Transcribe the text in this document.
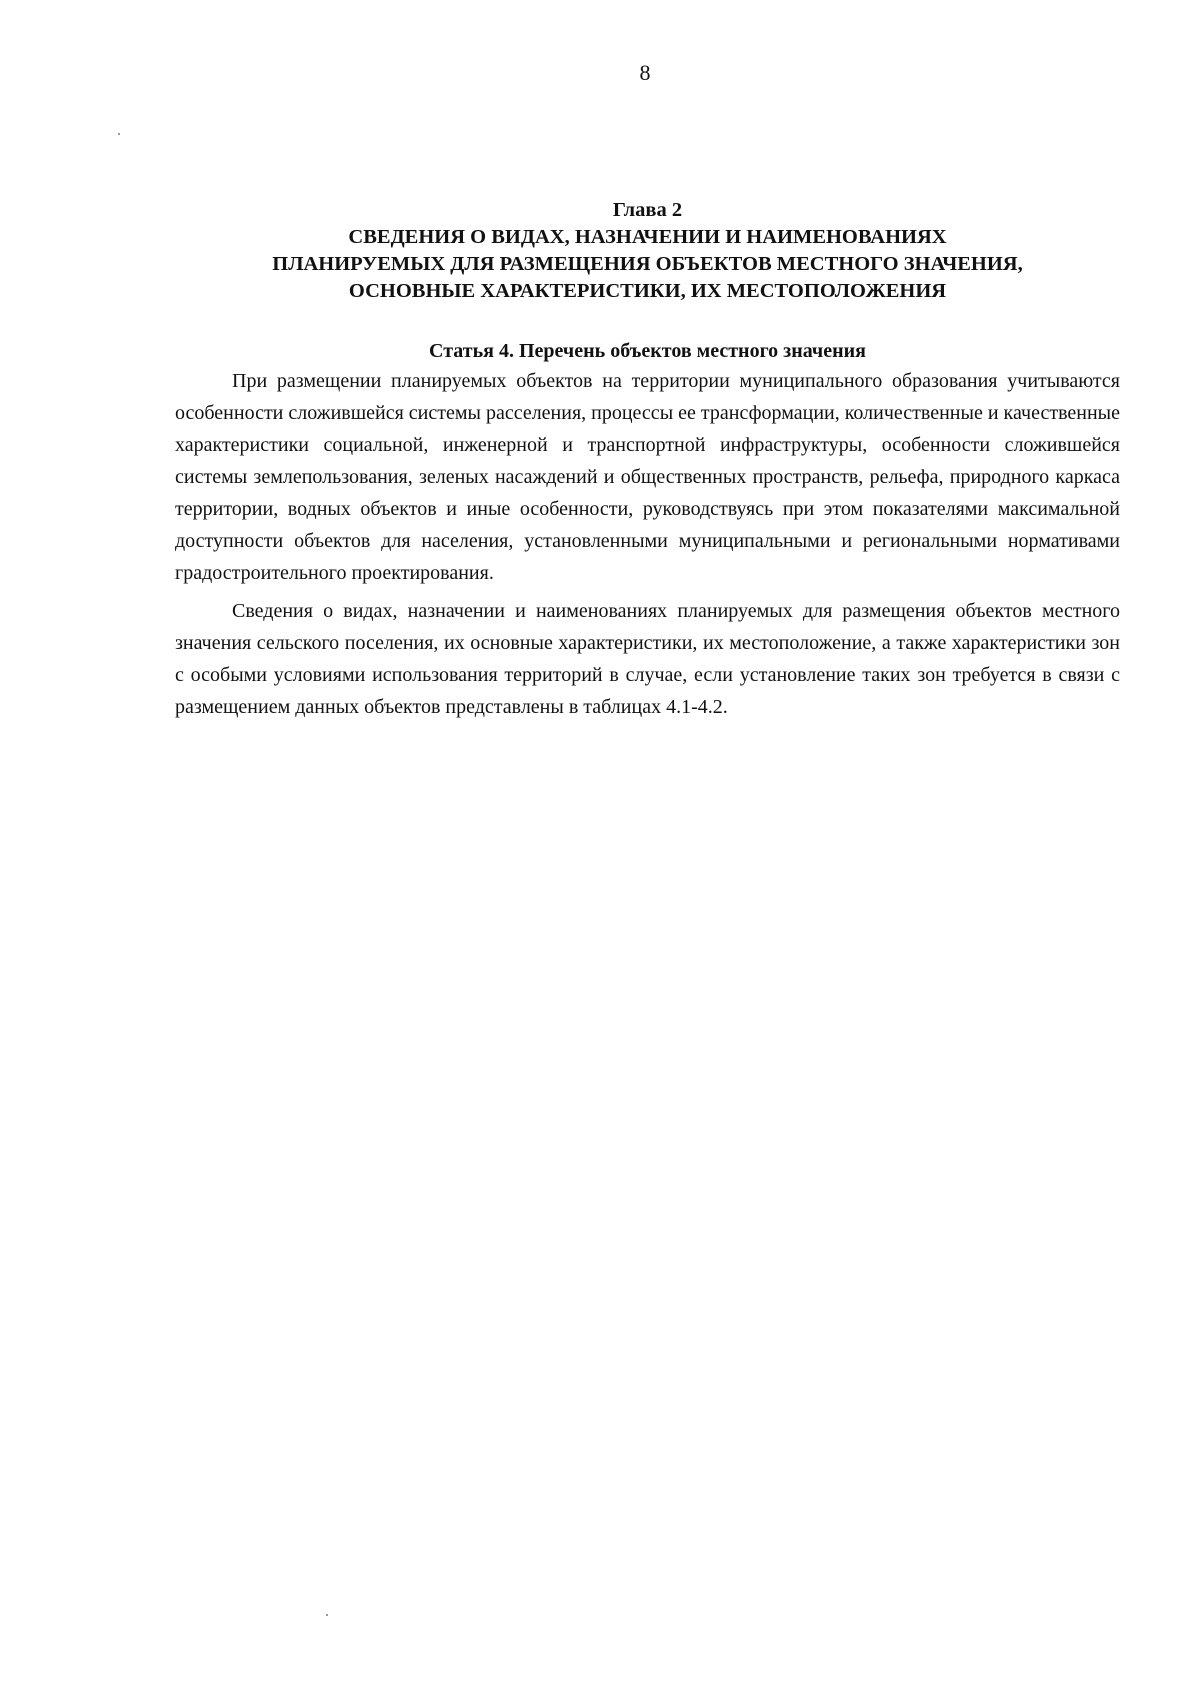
8
Глава 2
СВЕДЕНИЯ О ВИДАХ, НАЗНАЧЕНИИ И НАИМЕНОВАНИЯХ
ПЛАНИРУЕМЫХ ДЛЯ РАЗМЕЩЕНИЯ ОБЪЕКТОВ МЕСТНОГО ЗНАЧЕНИЯ,
ОСНОВНЫЕ ХАРАКТЕРИСТИКИ, ИХ МЕСТОПОЛОЖЕНИЯ
Статья 4. Перечень объектов местного значения

При размещении планируемых объектов на территории муниципального образования учитываются особенности сложившейся системы расселения, процессы ее трансформации, количественные и качественные характеристики социальной, инженерной и транспортной инфраструктуры, особенности сложившейся системы землепользования, зеленых насаждений и общественных пространств, рельефа, природного каркаса территории, водных объектов и иные особенности, руководствуясь при этом показателями максимальной доступности объектов для населения, установленными муниципальными и региональными нормативами градостроительного проектирования.

Сведения о видах, назначении и наименованиях планируемых для размещения объектов местного значения сельского поселения, их основные характеристики, их местоположение, а также характеристики зон с особыми условиями использования территорий в случае, если установление таких зон требуется в связи с размещением данных объектов представлены в таблицах 4.1-4.2.
